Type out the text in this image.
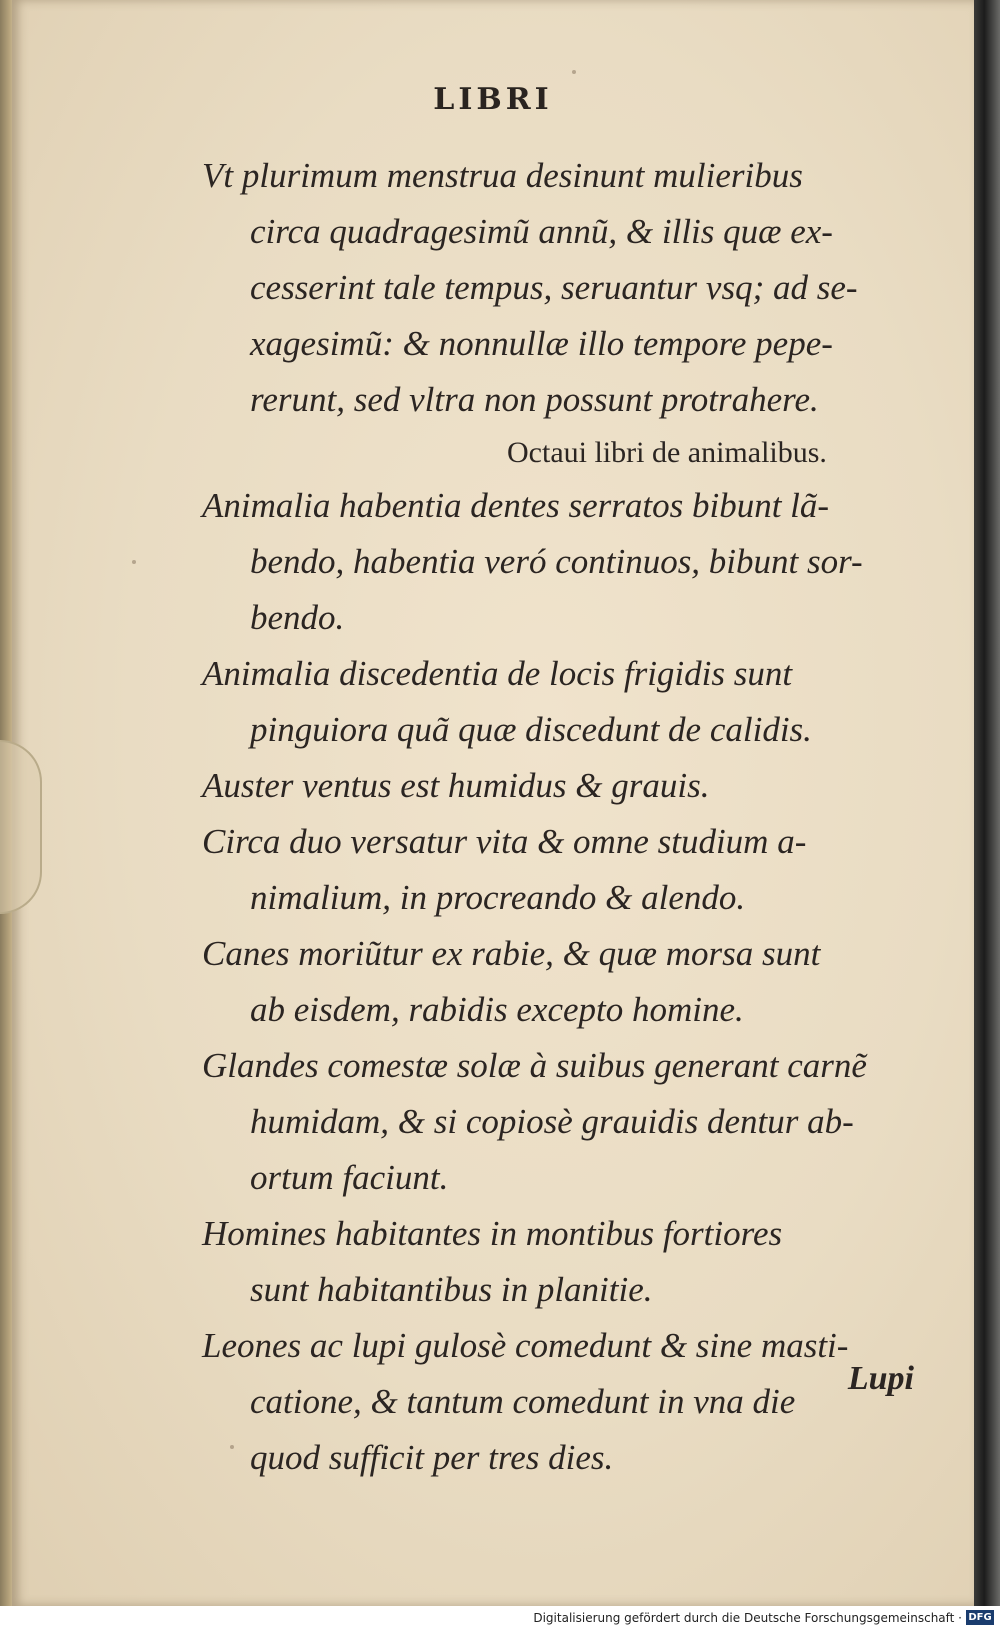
LIBRI
Vt plurimum menstrua desinunt mulieribus
circa quadragesimũ annũ, & illis quæ ex-
cesserint tale tempus, seruantur vsq; ad se-
xagesimũ: & nonnullæ illo tempore pepe-
rerunt, sed vltra non possunt protrahere.
Octaui libri de animalibus.
Animalia habentia dentes serratos bibunt lã-
bendo, habentia veró continuos, bibunt sor-
bendo.
Animalia discedentia de locis frigidis sunt
pinguiora quã quæ discedunt de calidis.
Auster ventus est humidus & grauis.
Circa duo versatur vita & omne studium a-
nimalium, in procreando & alendo.
Canes moriũtur ex rabie, & quæ morsa sunt
ab eisdem, rabidis excepto homine.
Glandes comestæ solæ à suibus generant carnẽ
humidam, & si copiosè grauidis dentur ab-
ortum faciunt.
Homines habitantes in montibus fortiores
sunt habitantibus in planitie.
Leones ac lupi gulosè comedunt & sine masti-
catione, & tantum comedunt in vna die
quod sufficit per tres dies.
Lupi
Digitalisierung gefördert durch die Deutsche Forschungsgemeinschaft · DFG
